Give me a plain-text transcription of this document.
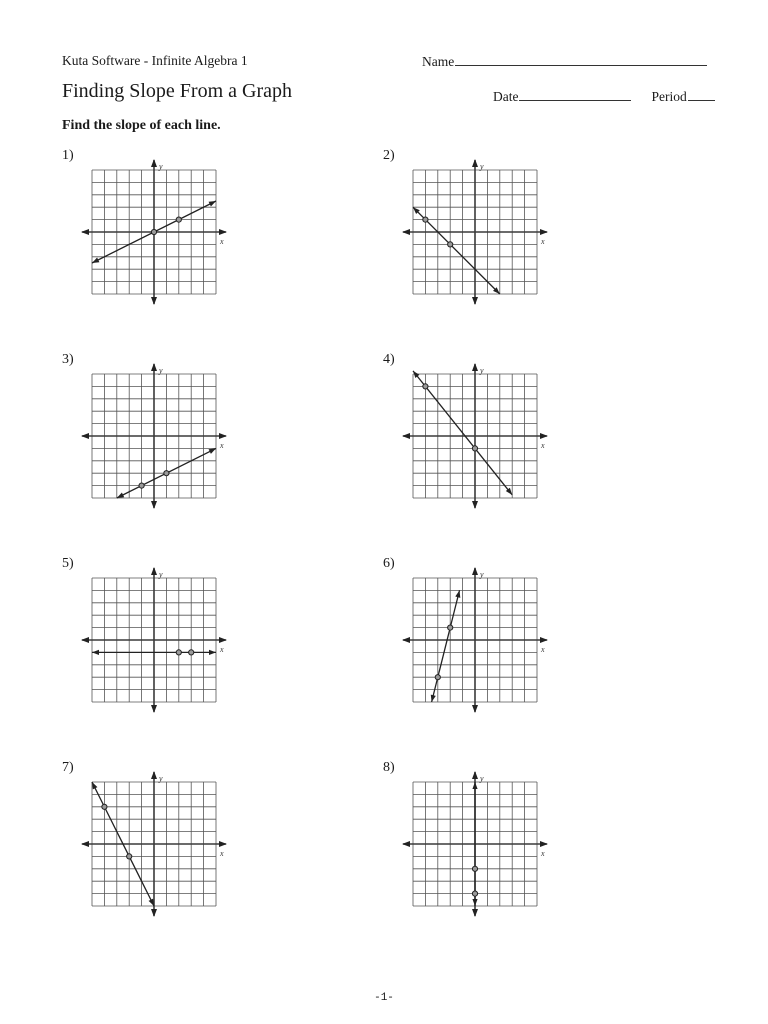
Kuta Software - Infinite Algebra 1
Finding Slope From a Graph
Find the slope of each line.
Name
Date	Period
1)	2)
3)	4)
5)	6)
7)	8)
x
y
x
y
x
y
x
y
x
y
x
y
x
y
x
y
-1-
